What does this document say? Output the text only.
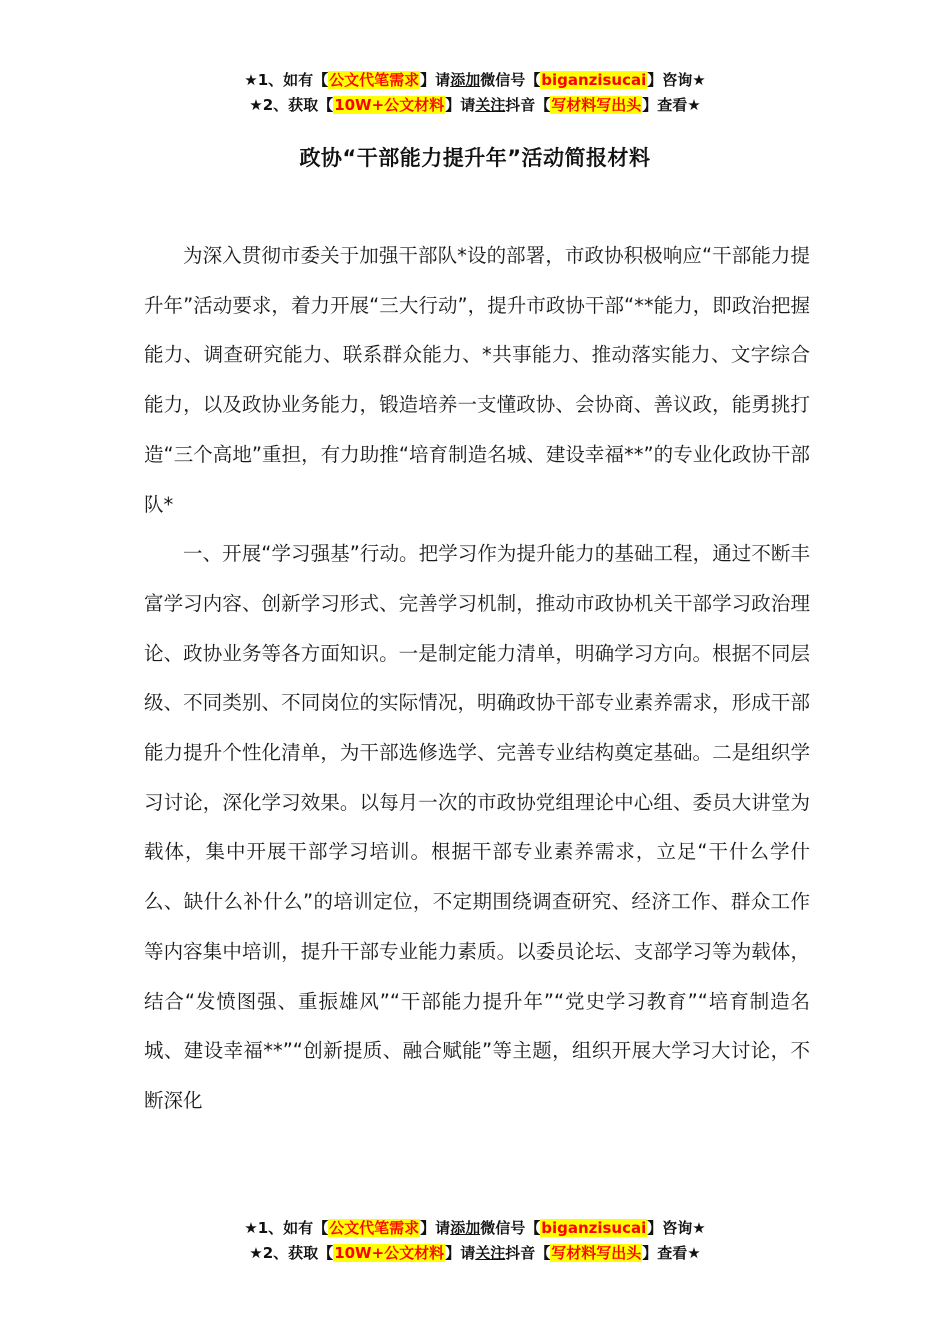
★1、如有【公文代笔需求】请添加微信号【biganzisucai】咨询★
★2、获取【10W+公文材料】请关注抖音【写材料写出头】查看★
政协“干部能力提升年”活动简报材料

为深入贯彻市委关于加强干部队*设的部署，市政协积极响应“干部能力提升年”活动要求，着力开展“三大行动”，提升市政协干部“**能力，即政治把握能力、调查研究能力、联系群众能力、*共事能力、推动落实能力、文字综合能力，以及政协业务能力，锻造培养一支懂政协、会协商、善议政，能勇挑打造“三个高地”重担，有力助推“培育制造名城、建设幸福**”的专业化政协干部队*

一、开展“学习强基”行动。把学习作为提升能力的基础工程，通过不断丰富学习内容、创新学习形式、完善学习机制，推动市政协机关干部学习政治理论、政协业务等各方面知识。一是制定能力清单，明确学习方向。根据不同层级、不同类别、不同岗位的实际情况，明确政协干部专业素养需求，形成干部能力提升个性化清单，为干部选修选学、完善专业结构奠定基础。二是组织学习讨论，深化学习效果。以每月一次的市政协党组理论中心组、委员大讲堂为载体，集中开展干部学习培训。根据干部专业素养需求，立足“干什么学什么、缺什么补什么”的培训定位，不定期围绕调查研究、经济工作、群众工作等内容集中培训，提升干部专业能力素质。以委员论坛、支部学习等为载体，结合“发愤图强、重振雄风”“干部能力提升年”“党史学习教育”“培育制造名城、建设幸福**”“创新提质、融合赋能”等主题，组织开展大学习大讨论，不断深化

★1、如有【公文代笔需求】请添加微信号【biganzisucai】咨询★
★2、获取【10W+公文材料】请关注抖音【写材料写出头】查看★
